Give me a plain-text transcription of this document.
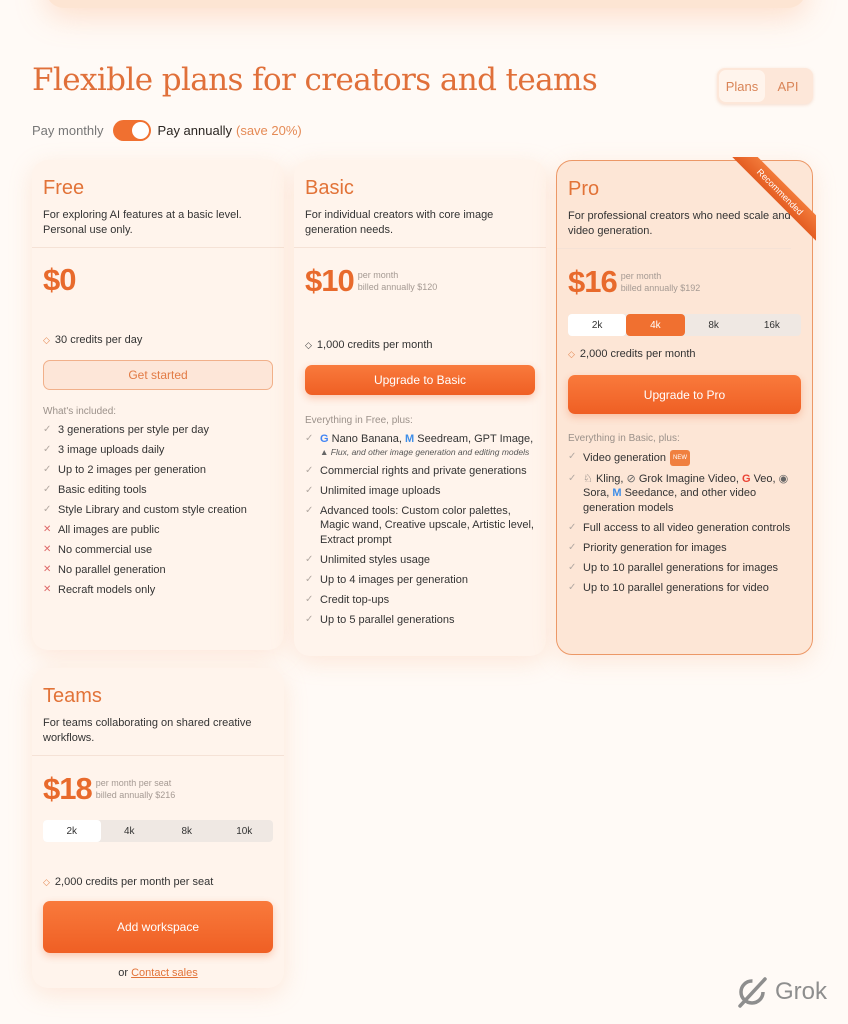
Flexible plans for creators and teams	Plans	API
Pay monthly	Pay annually (save 20%)
Free
For exploring AI features at a basic level. Personal use only.
$0
◇ 30 credits per day
Get started
What's included:
✓ 3 generations per style per day
✓ 3 image uploads daily
✓ Up to 2 images per generation
✓ Basic editing tools
✓ Style Library and custom style creation
✕ All images are public
✕ No commercial use
✕ No parallel generation
✕ Recraft models only
Basic
For individual creators with core image generation needs.
$10 per month
billed annually $120
◇ 1,000 credits per month
Upgrade to Basic
Everything in Free, plus:
✓ G Nano Banana, M Seedream, GPT Image,
▲ Flux, and other image generation and editing models
✓ Commercial rights and private generations
✓ Unlimited image uploads
✓ Advanced tools: Custom color palettes, Magic wand, Creative upscale, Artistic level, Extract prompt
✓ Unlimited styles usage
✓ Up to 4 images per generation
✓ Credit top-ups
✓ Up to 5 parallel generations
Recommended
Pro
For professional creators who need scale and video generation.
$16 per month
billed annually $192
2k	4k	8k	16k
◇ 2,000 credits per month
Upgrade to Pro
Everything in Basic, plus:
✓ Video generation NEW
✓ ♘ Kling, ⊘ Grok Imagine Video, G Veo, ◉ Sora, M Seedance, and other video generation models
✓ Full access to all video generation controls
✓ Priority generation for images
✓ Up to 10 parallel generations for images
✓ Up to 10 parallel generations for video
Teams
For teams collaborating on shared creative workflows.
$18 per month per seat
billed annually $216
2k	4k	8k	10k
◇ 2,000 credits per month per seat
Add workspace
or Contact sales
Grok
